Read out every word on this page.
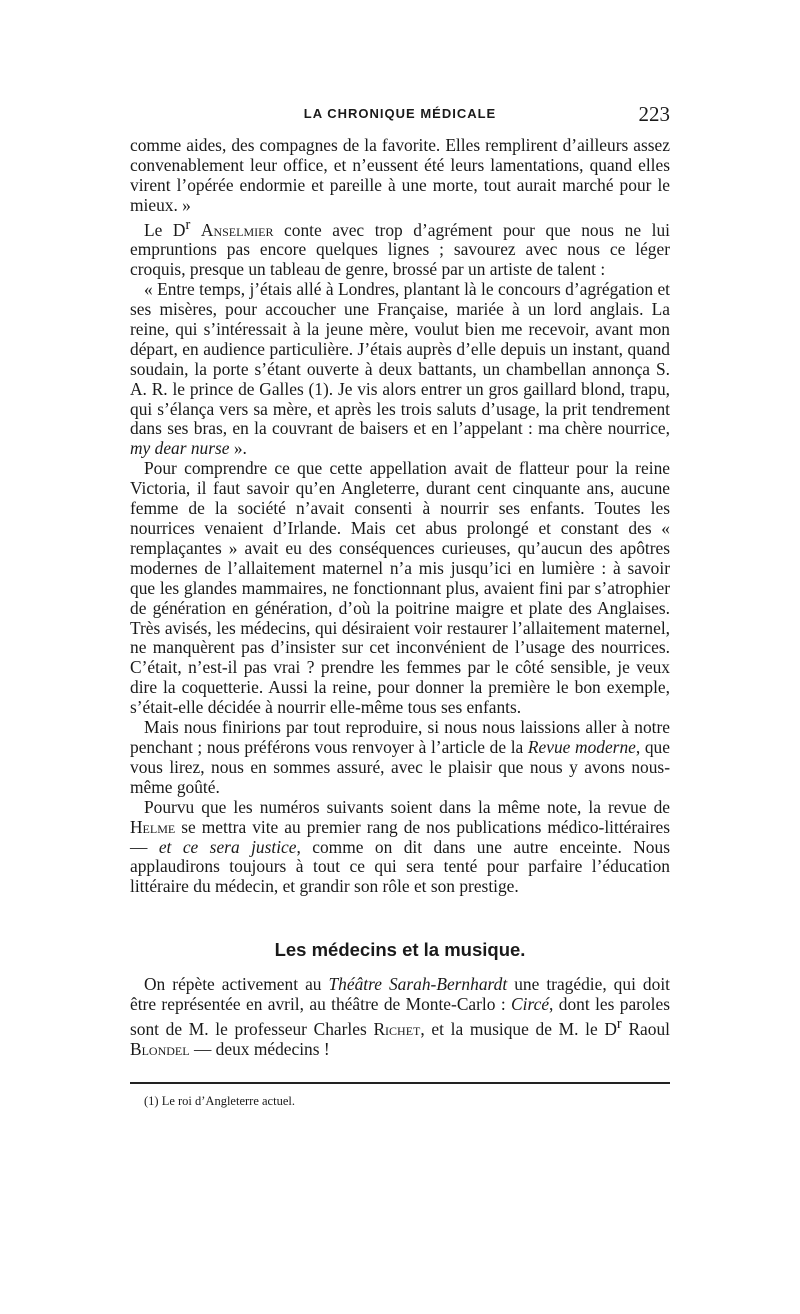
LA CHRONIQUE MÉDICALE	223

comme aides, des compagnes de la favorite. Elles remplirent d’ailleurs assez convenablement leur office, et n’eussent été leurs lamentations, quand elles virent l’opérée endormie et pareille à une morte, tout aurait marché pour le mieux. »

Le $D^r$ Anselmier conte avec trop d’agrément pour que nous ne lui empruntions pas encore quelques lignes ; savourez avec nous ce léger croquis, presque un tableau de genre, brossé par un artiste de talent :

« Entre temps, j’étais allé à Londres, plantant là le concours d’agrégation et ses misères, pour accoucher une Française, mariée à un lord anglais. La reine, qui s’intéressait à la jeune mère, voulut bien me recevoir, avant mon départ, en audience particulière. J’étais auprès d’elle depuis un instant, quand soudain, la porte s’étant ouverte à deux battants, un chambellan annonça S. A. R. le prince de Galles (1). Je vis alors entrer un gros gaillard blond, trapu, qui s’élança vers sa mère, et après les trois saluts d’usage, la prit tendrement dans ses bras, en la couvrant de baisers et en l’appelant : ma chère nourrice, my dear nurse ».

Pour comprendre ce que cette appellation avait de flatteur pour la reine Victoria, il faut savoir qu’en Angleterre, durant cent cinquante ans, aucune femme de la société n’avait consenti à nourrir ses enfants. Toutes les nourrices venaient d’Irlande. Mais cet abus prolongé et constant des « remplaçantes » avait eu des conséquences curieuses, qu’aucun des apôtres modernes de l’allaitement maternel n’a mis jusqu’ici en lumière : à savoir que les glandes mammaires, ne fonctionnant plus, avaient fini par s’atrophier de génération en génération, d’où la poitrine maigre et plate des Anglaises. Très avisés, les médecins, qui désiraient voir restaurer l’allaitement maternel, ne manquèrent pas d’insister sur cet inconvénient de l’usage des nourrices. C’était, n’est-il pas vrai ? prendre les femmes par le côté sensible, je veux dire la coquetterie. Aussi la reine, pour donner la première le bon exemple, s’était-elle décidée à nourrir elle-même tous ses enfants.

Mais nous finirions par tout reproduire, si nous nous laissions aller à notre penchant ; nous préférons vous renvoyer à l’article de la Revue moderne, que vous lirez, nous en sommes assuré, avec le plaisir que nous y avons nous-même goûté.

Pourvu que les numéros suivants soient dans la même note, la revue de Helme se mettra vite au premier rang de nos publications médico-littéraires — et ce sera justice, comme on dit dans une autre enceinte. Nous applaudirons toujours à tout ce qui sera tenté pour parfaire l’éducation littéraire du médecin, et grandir son rôle et son prestige.

Les médecins et la musique.

On répète activement au Théâtre Sarah-Bernhardt une tragédie, qui doit être représentée en avril, au théâtre de Monte-Carlo : Circé, dont les paroles sont de M. le professeur Charles Richet, et la musique de M. le $D^r$ Raoul Blondel — deux médecins !

(1) Le roi d’Angleterre actuel.
